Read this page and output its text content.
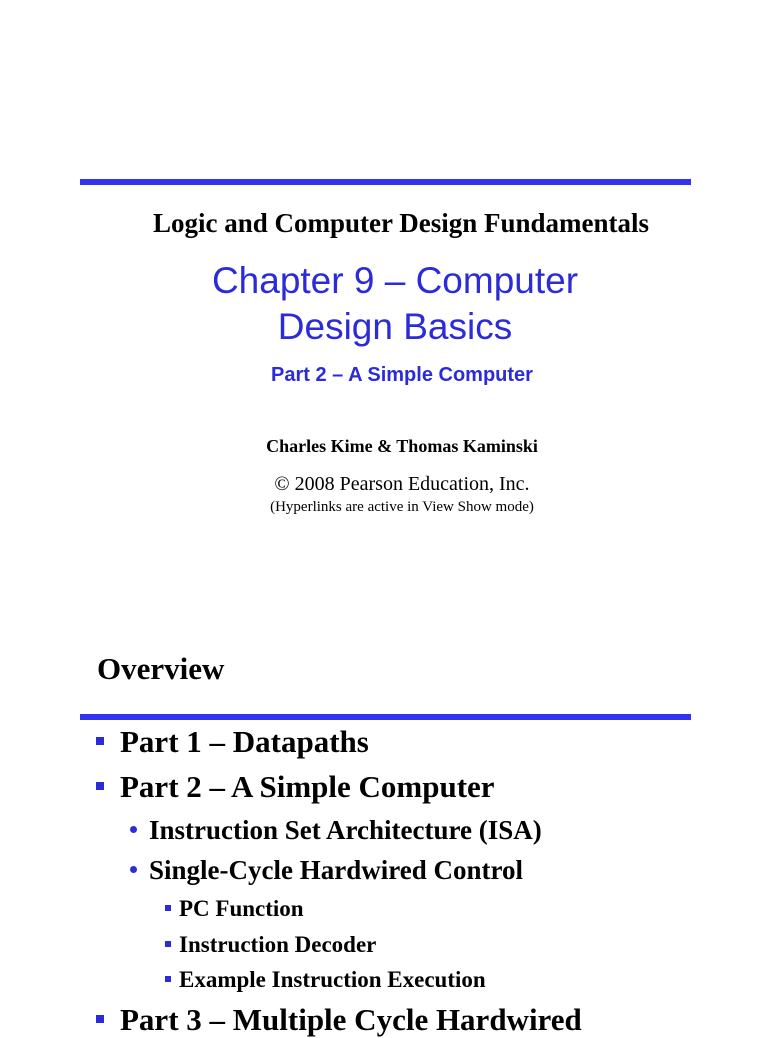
Logic and Computer Design Fundamentals
Chapter 9 – Computer
Design Basics
Part 2 – A Simple Computer
Charles Kime & Thomas Kaminski
© 2008 Pearson Education, Inc.
(Hyperlinks are active in View Show mode)
Overview
Part 1 – Datapaths
Part 2 – A Simple Computer
Instruction Set Architecture (ISA)
Single-Cycle Hardwired Control
PC Function
Instruction Decoder
Example Instruction Execution
Part 3 – Multiple Cycle Hardwired
